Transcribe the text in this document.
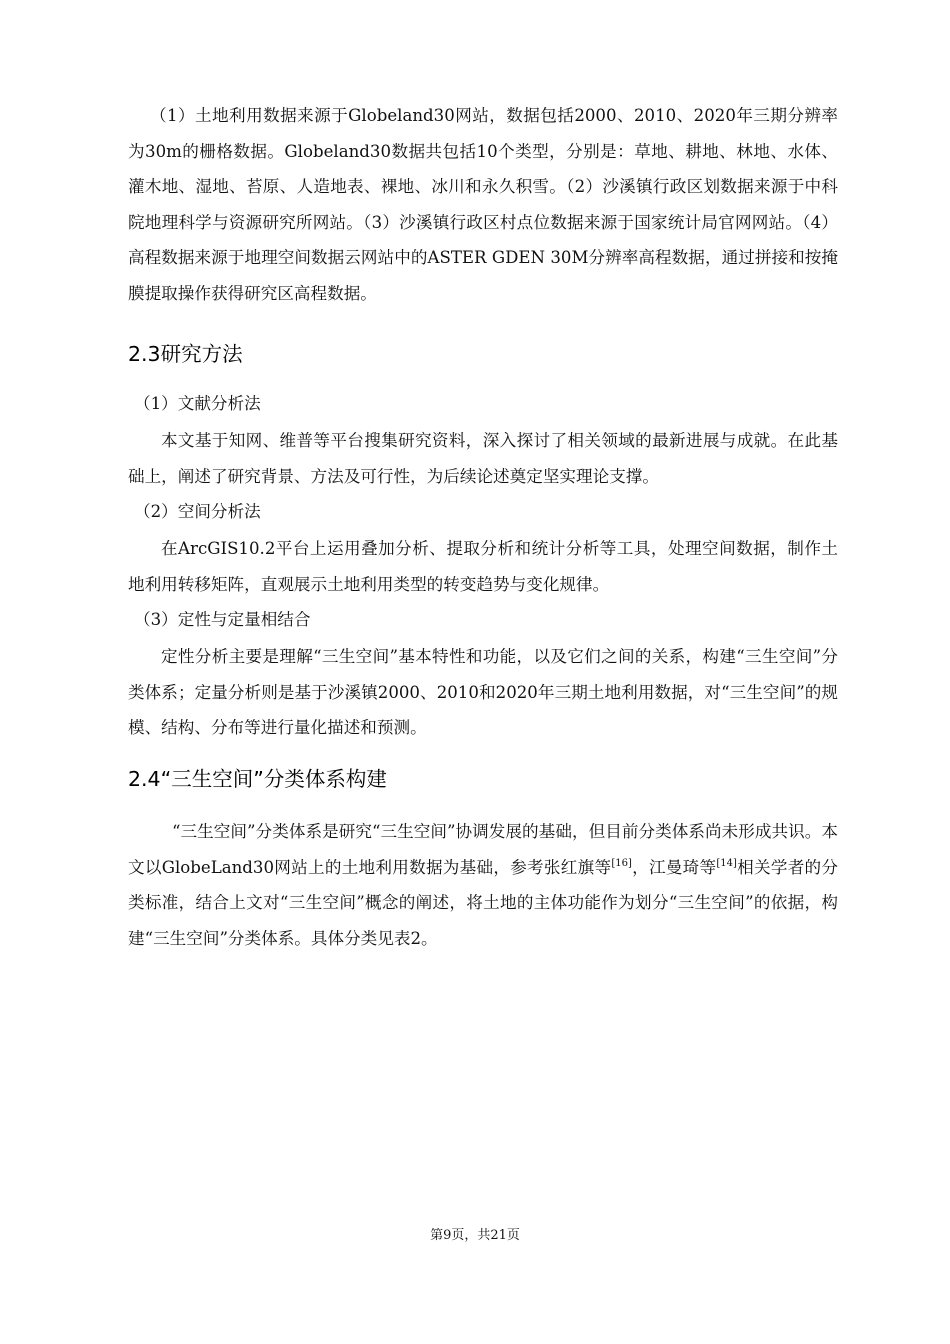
（1）土地利用数据来源于Globeland30网站，数据包括2000、2010、2020年三期分辨率为30m的栅格数据。Globeland30数据共包括10个类型，分别是：草地、耕地、林地、水体、灌木地、湿地、苔原、人造地表、裸地、冰川和永久积雪。（2）沙溪镇行政区划数据来源于中科院地理科学与资源研究所网站。（3）沙溪镇行政区村点位数据来源于国家统计局官网网站。（4）高程数据来源于地理空间数据云网站中的ASTER GDEN 30M分辨率高程数据，通过拼接和按掩膜提取操作获得研究区高程数据。

2.3研究方法

（1）文献分析法

本文基于知网、维普等平台搜集研究资料，深入探讨了相关领域的最新进展与成就。在此基础上，阐述了研究背景、方法及可行性，为后续论述奠定坚实理论支撑。

（2）空间分析法

在ArcGIS10.2平台上运用叠加分析、提取分析和统计分析等工具，处理空间数据，制作土地利用转移矩阵，直观展示土地利用类型的转变趋势与变化规律。

（3）定性与定量相结合

定性分析主要是理解“三生空间”基本特性和功能，以及它们之间的关系，构建“三生空间”分类体系；定量分析则是基于沙溪镇2000、2010和2020年三期土地利用数据，对“三生空间”的规模、结构、分布等进行量化描述和预测。

2.4“三生空间”分类体系构建

“三生空间”分类体系是研究“三生空间”协调发展的基础，但目前分类体系尚未形成共识。本文以GlobeLand30网站上的土地利用数据为基础，参考张红旗等[16]，江曼琦等[14]相关学者的分类标准，结合上文对“三生空间”概念的阐述，将土地的主体功能作为划分“三生空间”的依据，构建“三生空间”分类体系。具体分类见表2。

第9页，共21页
